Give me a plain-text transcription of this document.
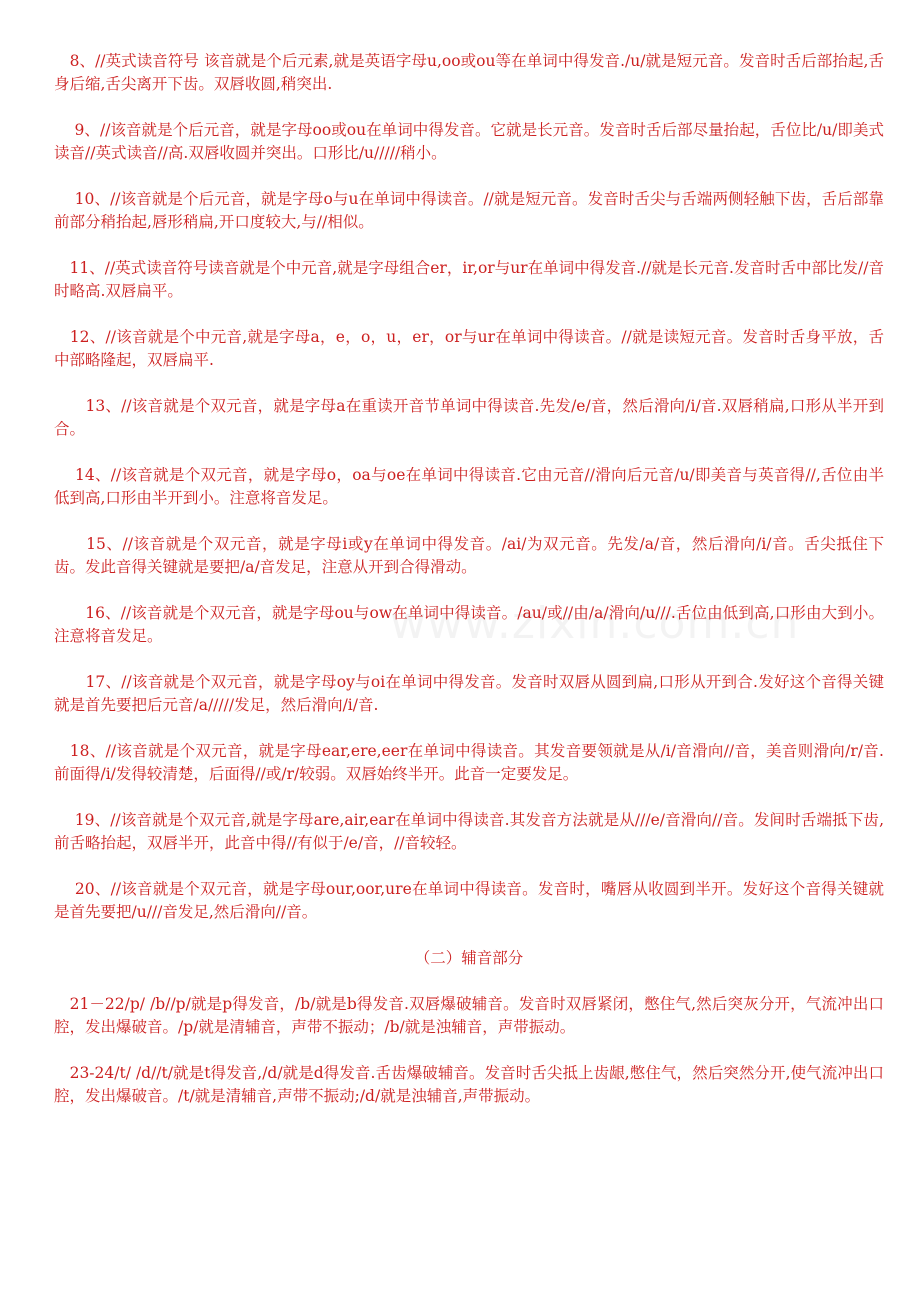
　8、//英式读音符号 该音就是个后元素,就是英语字母u,oo或ou等在单词中得发音./u/就是短元音。发音时舌后部抬起,舌身后缩,舌尖离开下齿。双唇收圆,稍突出.

　 9、//该音就是个后元音，就是字母oo或ou在单词中得发音。它就是长元音。发音时舌后部尽量抬起，舌位比/u/即美式读音//英式读音//高.双唇收圆并突出。口形比/u/////稍小。

　 10、//该音就是个后元音，就是字母o与u在单词中得读音。//就是短元音。发音时舌尖与舌端两侧轻触下齿，舌后部靠前部分稍抬起,唇形稍扁,开口度较大,与//相似。

　11、//英式读音符号读音就是个中元音,就是字母组合er，ir,or与ur在单词中得发音.//就是长元音.发音时舌中部比发//音时略高.双唇扁平。

　12、//该音就是个中元音,就是字母a，e，o，u，er，or与ur在单词中得读音。//就是读短元音。发音时舌身平放，舌中部略隆起，双唇扁平.

　　13、//该音就是个双元音，就是字母a在重读开音节单词中得读音.先发/e/音，然后滑向/i/音.双唇稍扁,口形从半开到合。

　 14、//该音就是个双元音，就是字母o，oa与oe在单词中得读音.它由元音//滑向后元音/u/即美音与英音得//,舌位由半低到高,口形由半开到小。注意将音发足。

　　15、//该音就是个双元音，就是字母i或y在单词中得发音。/ai/为双元音。先发/a/音，然后滑向/i/音。舌尖抵住下齿。发此音得关键就是要把/a/音发足，注意从开到合得滑动。

　　16、//该音就是个双元音，就是字母ou与ow在单词中得读音。/au/或//由/a/滑向/u///.舌位由低到高,口形由大到小。注意将音发足。

　　17、//该音就是个双元音，就是字母oy与oi在单词中得发音。发音时双唇从圆到扁,口形从开到合.发好这个音得关键就是首先要把后元音/a/////发足，然后滑向/i/音.

　18、//该音就是个双元音，就是字母ear,ere,eer在单词中得读音。其发音要领就是从/i/音滑向//音，美音则滑向/r/音.前面得/i/发得较清楚，后面得//或/r/较弱。双唇始终半开。此音一定要发足。

　 19、//该音就是个双元音,就是字母are,air,ear在单词中得读音.其发音方法就是从///e/音滑向//音。发间时舌端抵下齿,前舌略抬起，双唇半开，此音中得//有似于/e/音，//音较轻。

　 20、//该音就是个双元音，就是字母our,oor,ure在单词中得读音。发音时，嘴唇从收圆到半开。发好这个音得关键就是首先要把/u///音发足,然后滑向//音。

（二）辅音部分

　21－22/p/ /b//p/就是p得发音，/b/就是b得发音.双唇爆破辅音。发音时双唇紧闭，憋住气,然后突灰分开，气流冲出口腔，发出爆破音。/p/就是清辅音，声带不振动；/b/就是浊辅音，声带振动。

　23-24/t/ /d//t/就是t得发音,/d/就是d得发音.舌齿爆破辅音。发音时舌尖抵上齿龈,憋住气，然后突然分开,使气流冲出口腔，发出爆破音。/t/就是清辅音,声带不振动;/d/就是浊辅音,声带振动。
